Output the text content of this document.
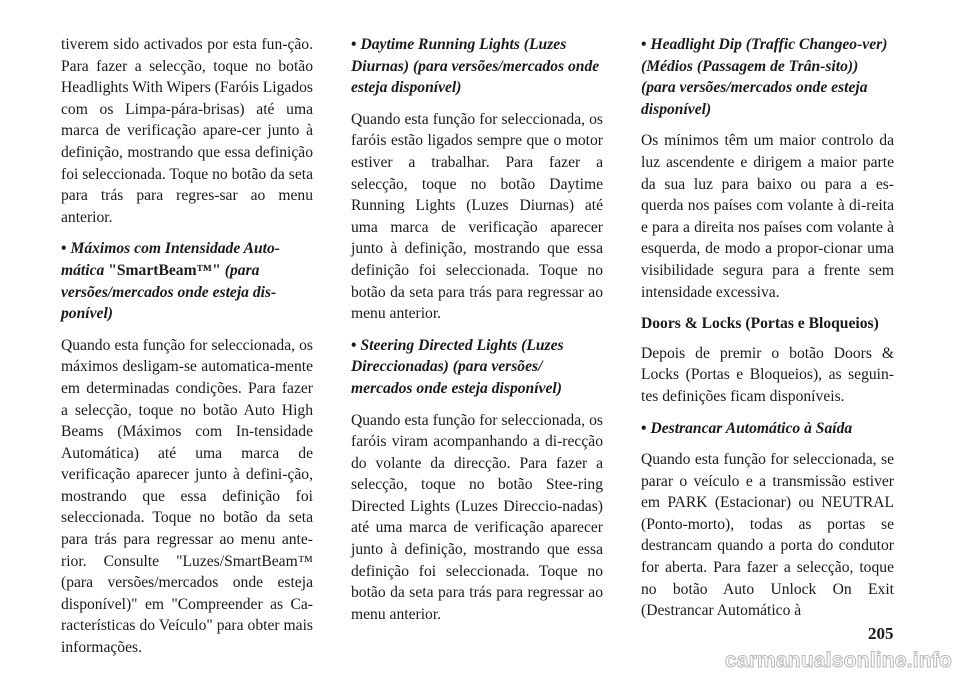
tiverem sido activados por esta fun-ção. Para fazer a selecção, toque no botão Headlights With Wipers (Faróis Ligados com os Limpa-pára-brisas) até uma marca de verificação apare-cer junto à definição, mostrando que essa definição foi seleccionada. Toque no botão da seta para trás para regres-sar ao menu anterior.

• Máximos com Intensidade Auto-mática "SmartBeam™" (para versões/mercados onde esteja dis-ponível)

Quando esta função for seleccionada, os máximos desligam-se automatica-mente em determinadas condições. Para fazer a selecção, toque no botão Auto High Beams (Máximos com In-tensidade Automática) até uma marca de verificação aparecer junto à defini-ção, mostrando que essa definição foi seleccionada. Toque no botão da seta para trás para regressar ao menu ante-rior. Consulte "Luzes/SmartBeam™ (para versões/mercados onde esteja disponível)" em "Compreender as Ca-racterísticas do Veículo" para obter mais informações.

• Daytime Running Lights (Luzes Diurnas) (para versões/mercados onde esteja disponível)

Quando esta função for seleccionada, os faróis estão ligados sempre que o motor estiver a trabalhar. Para fazer a selecção, toque no botão Daytime Running Lights (Luzes Diurnas) até uma marca de verificação aparecer junto à definição, mostrando que essa definição foi seleccionada. Toque no botão da seta para trás para regressar ao menu anterior.

• Steering Directed Lights (Luzes Direccionadas) (para versões/ mercados onde esteja disponível)

Quando esta função for seleccionada, os faróis viram acompanhando a di-recção do volante da direcção. Para fazer a selecção, toque no botão Stee-ring Directed Lights (Luzes Direccio-nadas) até uma marca de verificação aparecer junto à definição, mostrando que essa definição foi seleccionada. Toque no botão da seta para trás para regressar ao menu anterior.

• Headlight Dip (Traffic Changeo-ver) (Médios (Passagem de Trân-sito)) (para versões/mercados onde esteja disponível)

Os mínimos têm um maior controlo da luz ascendente e dirigem a maior parte da sua luz para baixo ou para a es-querda nos países com volante à di-reita e para a direita nos países com volante à esquerda, de modo a propor-cionar uma visibilidade segura para a frente sem intensidade excessiva.

Doors & Locks (Portas e Bloqueios)

Depois de premir o botão Doors & Locks (Portas e Bloqueios), as seguin-tes definições ficam disponíveis.

• Destrancar Automático à Saída

Quando esta função for seleccionada, se parar o veículo e a transmissão estiver em PARK (Estacionar) ou NEUTRAL (Ponto-morto), todas as portas se destrancam quando a porta do condutor for aberta. Para fazer a selecção, toque no botão Auto Unlock On Exit (Destrancar Automático à

205
carmanualsonline.info
